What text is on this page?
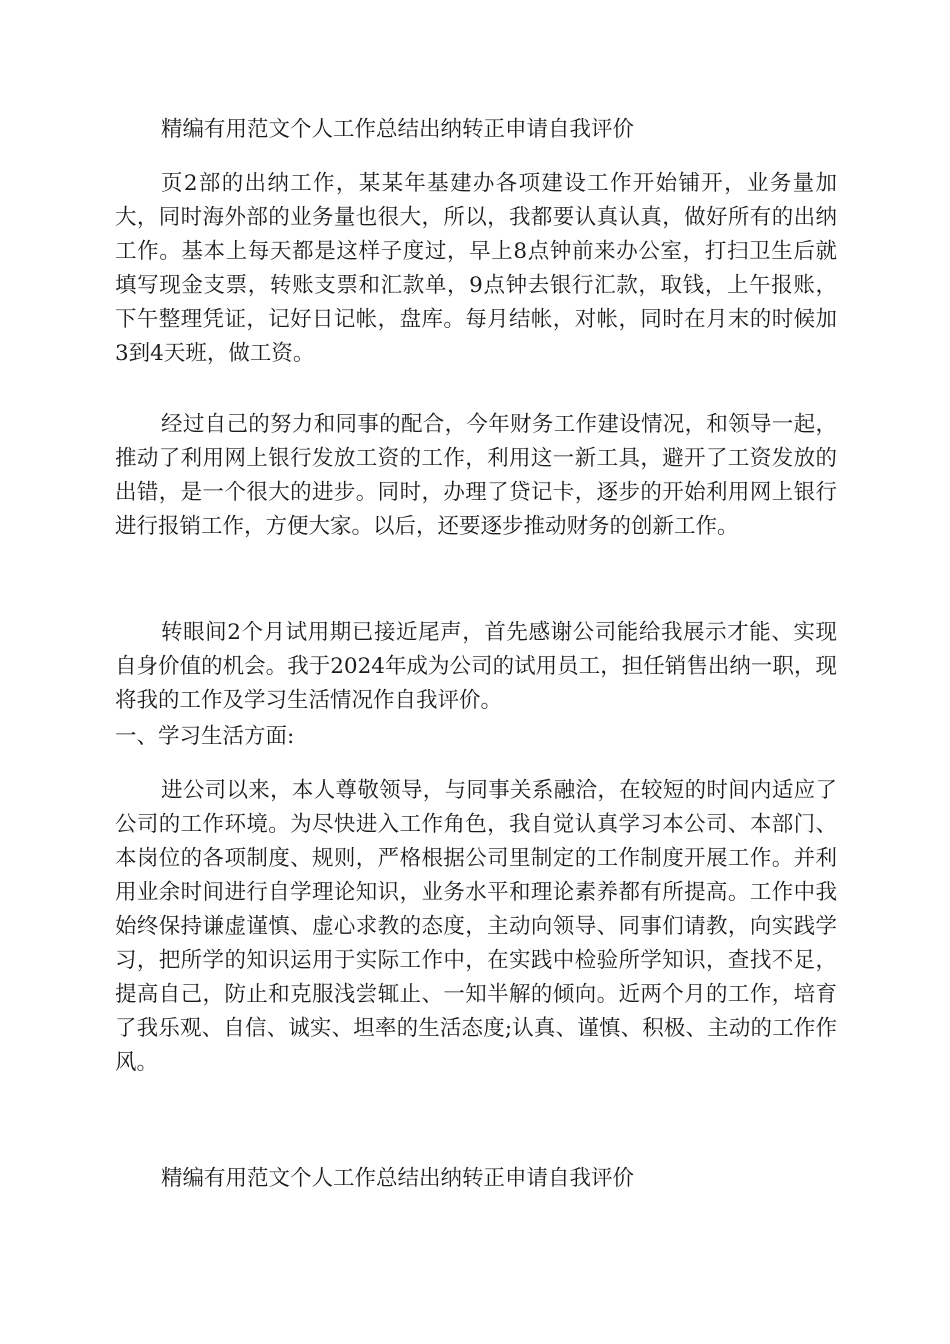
精编有用范文个人工作总结出纳转正申请自我评价

页2部的出纳工作，某某年基建办各项建设工作开始铺开，业务量加大，同时海外部的业务量也很大，所以，我都要认真认真，做好所有的出纳工作。基本上每天都是这样子度过，早上8点钟前来办公室，打扫卫生后就填写现金支票，转账支票和汇款单，9点钟去银行汇款，取钱，上午报账，下午整理凭证，记好日记帐，盘库。每月结帐，对帐，同时在月末的时候加3到4天班，做工资。

经过自己的努力和同事的配合，今年财务工作建设情况，和领导一起，推动了利用网上银行发放工资的工作，利用这一新工具，避开了工资发放的出错，是一个很大的进步。同时，办理了贷记卡，逐步的开始利用网上银行进行报销工作，方便大家。以后，还要逐步推动财务的创新工作。

转眼间2个月试用期已接近尾声，首先感谢公司能给我展示才能、实现自身价值的机会。我于2024年成为公司的试用员工，担任销售出纳一职，现将我的工作及学习生活情况作自我评价。

一、学习生活方面:

进公司以来，本人尊敬领导，与同事关系融洽，在较短的时间内适应了公司的工作环境。为尽快进入工作角色，我自觉认真学习本公司、本部门、本岗位的各项制度、规则，严格根据公司里制定的工作制度开展工作。并利用业余时间进行自学理论知识，业务水平和理论素养都有所提高。工作中我始终保持谦虚谨慎、虚心求教的态度，主动向领导、同事们请教，向实践学习，把所学的知识运用于实际工作中，在实践中检验所学知识，查找不足，提高自己，防止和克服浅尝辄止、一知半解的倾向。近两个月的工作，培育了我乐观、自信、诚实、坦率的生活态度;认真、谨慎、积极、主动的工作作风。

精编有用范文个人工作总结出纳转正申请自我评价
